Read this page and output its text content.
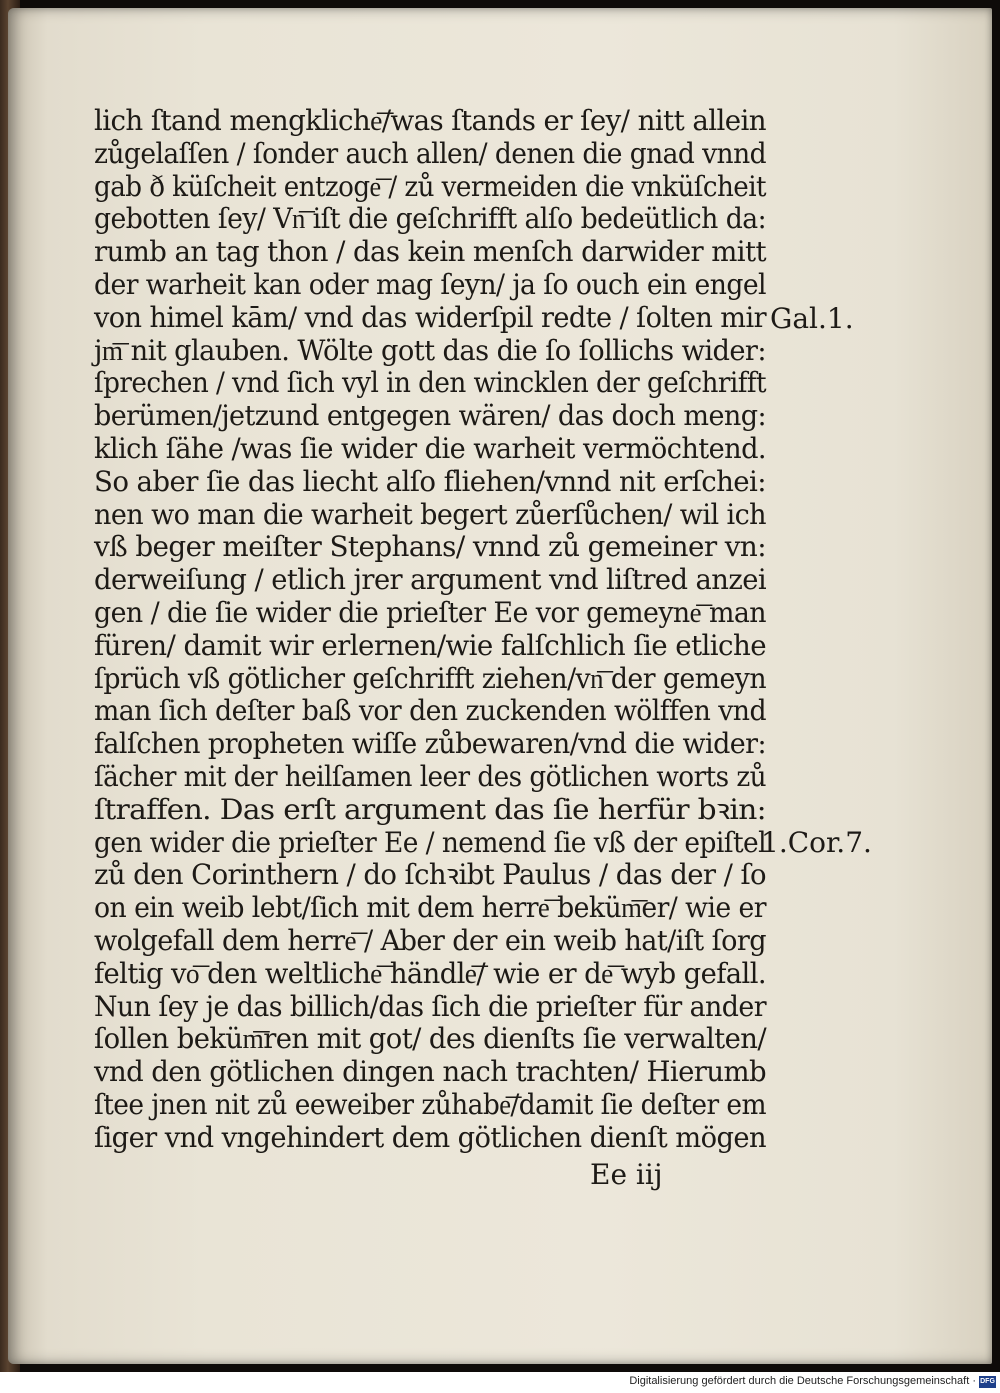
lich ſtand mengkliche͞/was ſtands er ſey/ nitt allein
zůgelaſſen / ſonder auch allen/ denen die gnad vnnd
gab ð küſcheit entzoge͞ / zů vermeiden die vnküſcheit
gebotten ſey/ Vn͞ iſt die geſchrifft alſo bedeütlich da:
rumb an tag thon / das kein menſch darwider mitt
der warheit kan oder mag ſeyn/ ja ſo ouch ein engel
von himel kām/ vnd das widerſpil redte / ſolten mir
jm͞ nit glauben. Wölte gott das die ſo ſollichs wider:
ſprechen / vnd ſich vyl in den wincklen der geſchrifft
berümen/jetzund entgegen wären/ das doch meng:
klich ſähe /was ſie wider die warheit vermöchtend.
So aber ſie das liecht alſo fliehen/vnnd nit erſchei:
nen wo man die warheit begert zůerſůchen/ wil ich
vß beger meiſter Stephans/ vnnd zů gemeiner vn:
derweiſung / etlich jrer argument vnd liſtred anzei
gen / die ſie wider die prieſter Ee vor gemeyne͞ man
füren/ damit wir erlernen/wie falſchlich ſie etliche
ſprüch vß götlicher geſchrifft ziehen/vn͞ der gemeyn
man ſich deſter baß vor den zuckenden wölffen vnd
falſchen propheten wiſſe zůbewaren/vnd die wider:
ſächer mit der heilſamen leer des götlichen worts zů
ſtraffen. Das erſt argument das ſie herfür bꝛin:
gen wider die prieſter Ee / nemend ſie vß der epiſtel
zů den Corinthern / do ſchꝛibt Paulus / das der / ſo
on ein weib lebt/ſich mit dem herre͞ beküm͞er/ wie er
wolgefall dem herre͞ / Aber der ein weib hat/iſt ſorg
feltig vo͞ den weltliche͞ händle͞/ wie er de͞ wyb gefall.
Nun ſey je das billich/das ſich die prieſter für ander
ſollen beküm͞ren mit got/ des dienſts ſie verwalten/
vnd den götlichen dingen nach trachten/ Hierumb
ſtee jnen nit zů eeweiber zůhabe͞/damit ſie deſter em
ſiger vnd vngehindert dem götlichen dienſt mögen
Gal.1.
1.Cor.7.
Ee iij
Digitalisierung gefördert durch die Deutsche Forschungsgemeinschaft · DFG
